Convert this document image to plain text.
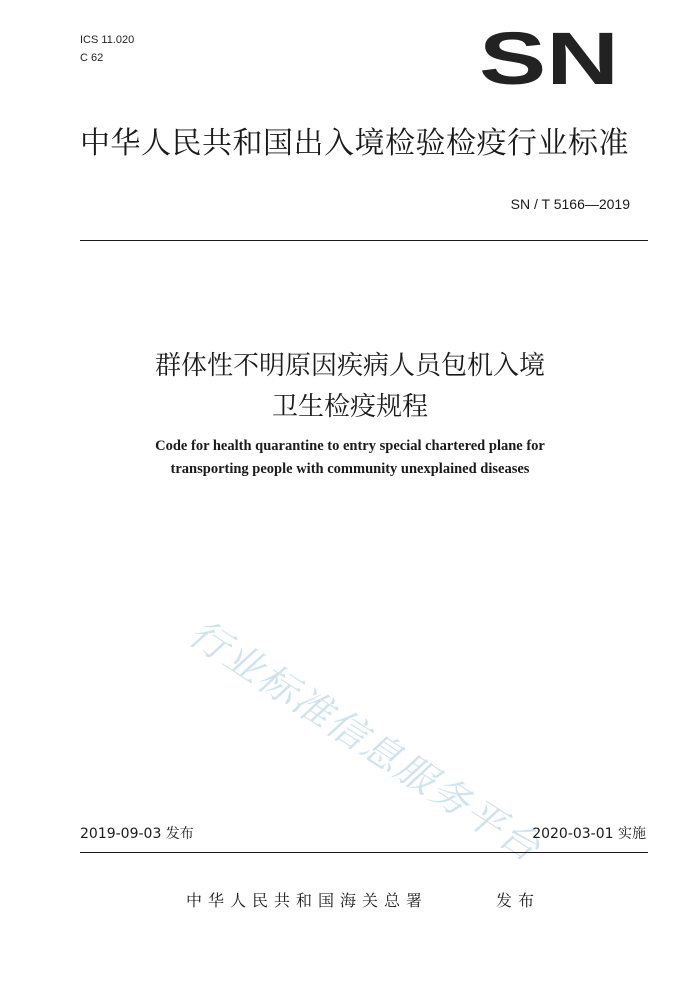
ICS 11.020
C 62	SN
中华人民共和国出入境检验检疫行业标准
SN / T 5166—2019
群体性不明原因疾病人员包机入境
卫生检疫规程
Code for health quarantine to entry special chartered plane for
transporting people with community unexplained diseases
行业标准信息服务平台
2019-09-03 发布	2020-03-01 实施
中华人民共和国海关总署	发布
